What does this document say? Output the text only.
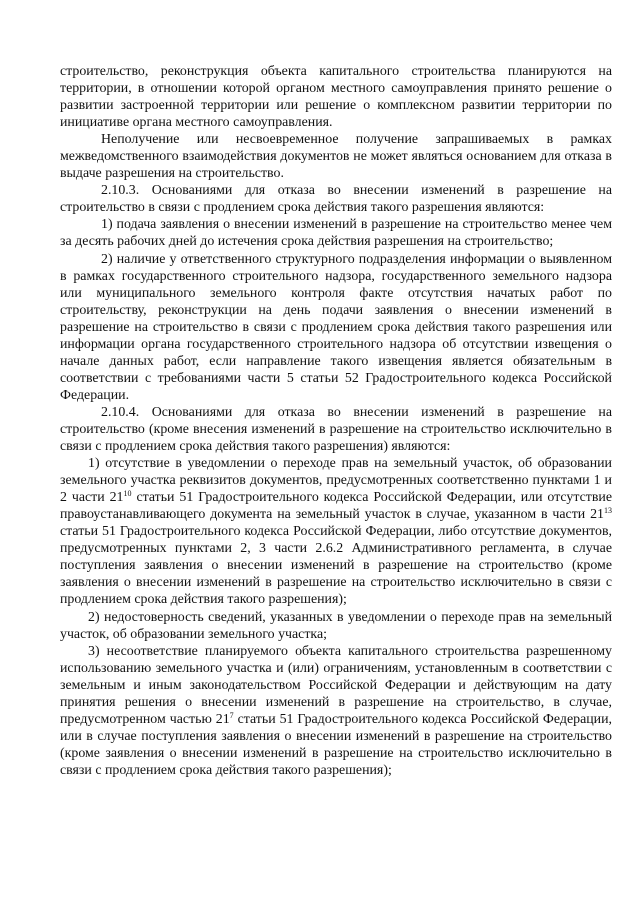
строительство, реконструкция объекта капитального строительства планируются на территории, в отношении которой органом местного самоуправления принято решение о развитии застроенной территории или решение о комплексном развитии территории по инициативе органа местного самоуправления.

Неполучение или несвоевременное получение запрашиваемых в рамках межведомственного взаимодействия документов не может являться основанием для отказа в выдаче разрешения на строительство.

2.10.3. Основаниями для отказа во внесении изменений в разрешение на строительство в связи с продлением срока действия такого разрешения являются:

1) подача заявления о внесении изменений в разрешение на строительство менее чем за десять рабочих дней до истечения срока действия разрешения на строительство;

2) наличие у ответственного структурного подразделения информации о выявленном в рамках государственного строительного надзора, государственного земельного надзора или муниципального земельного контроля факте отсутствия начатых работ по строительству, реконструкции на день подачи заявления о внесении изменений в разрешение на строительство в связи с продлением срока действия такого разрешения или информации органа государственного строительного надзора об отсутствии извещения о начале данных работ, если направление такого извещения является обязательным в соответствии с требованиями части 5 статьи 52 Градостроительного кодекса Российской Федерации.

2.10.4. Основаниями для отказа во внесении изменений в разрешение на строительство (кроме внесения изменений в разрешение на строительство исключительно в связи с продлением срока действия такого разрешения) являются:

1) отсутствие в уведомлении о переходе прав на земельный участок, об образовании земельного участка реквизитов документов, предусмотренных соответственно пунктами 1 и 2 части $21^{10}$ статьи 51 Градостроительного кодекса Российской Федерации, или отсутствие правоустанавливающего документа на земельный участок в случае, указанном в части $21^{13}$ статьи 51 Градостроительного кодекса Российской Федерации, либо отсутствие документов, предусмотренных пунктами 2, 3 части 2.6.2 Административного регламента, в случае поступления заявления о внесении изменений в разрешение на строительство (кроме заявления о внесении изменений в разрешение на строительство исключительно в связи с продлением срока действия такого разрешения);

2) недостоверность сведений, указанных в уведомлении о переходе прав на земельный участок, об образовании земельного участка;

3) несоответствие планируемого объекта капитального строительства разрешенному использованию земельного участка и (или) ограничениям, установленным в соответствии с земельным и иным законодательством Российской Федерации и действующим на дату принятия решения о внесении изменений в разрешение на строительство, в случае, предусмотренном частью $21^7$ статьи 51 Градостроительного кодекса Российской Федерации, или в случае поступления заявления о внесении изменений в разрешение на строительство (кроме заявления о внесении изменений в разрешение на строительство исключительно в связи с продлением срока действия такого разрешения);
